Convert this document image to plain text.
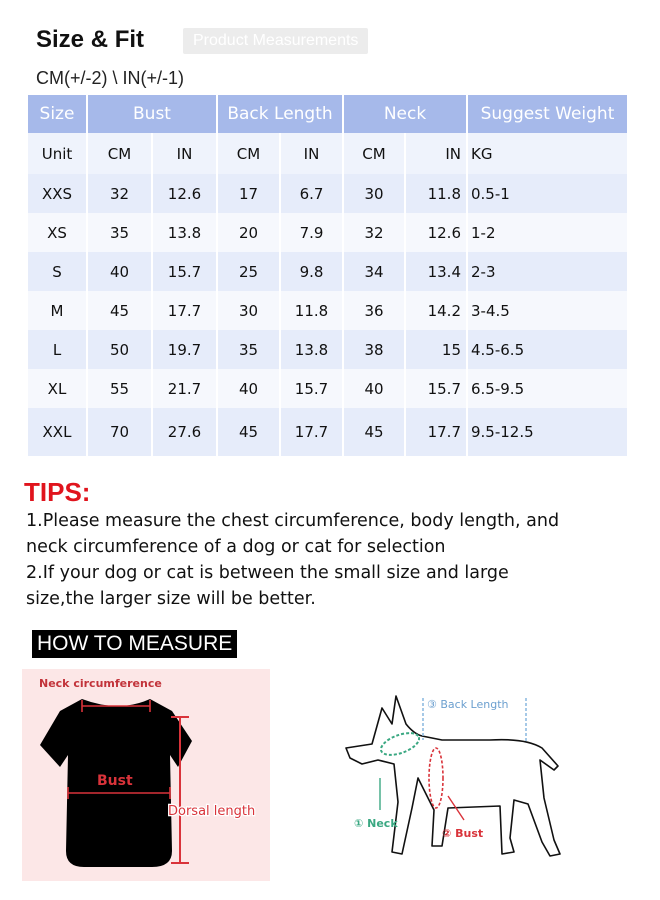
Size & Fit	Product Measurements
CM(+/-2) \ IN(+/-1)
Size	Bust		Back Length		Neck		Suggest Weight
Unit	CM	IN	CM	IN	CM	IN	KG
XXS	32	12.6	17	6.7	30	11.8	0.5-1
XS	35	13.8	20	7.9	32	12.6	1-2
S	40	15.7	25	9.8	34	13.4	2-3
M	45	17.7	30	11.8	36	14.2	3-4.5
L	50	19.7	35	13.8	38	15	4.5-6.5
XL	55	21.7	40	15.7	40	15.7	6.5-9.5
XXL	70	27.6	45	17.7	45	17.7	9.5-12.5
TIPS:
1.Please measure the chest circumference, body length, and
neck circumference of a dog or cat for selection
2.If your dog or cat is between the small size and large
size,the larger size will be better.
HOW TO MEASURE
Neck circumference
Bust
Dorsal length
③ Back Length
① Neck
② Bust
